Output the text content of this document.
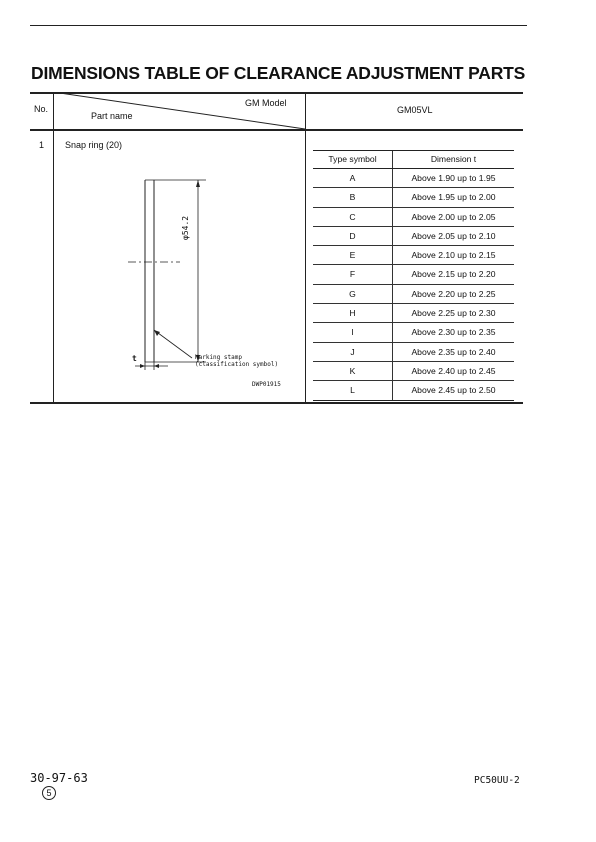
DIMENSIONS TABLE OF CLEARANCE ADJUSTMENT PARTS
No.
Part name
GM Model
GM05VL
1 Snap ring (20)
φ54.2
t	Marking stamp
(classification symbol)
DWP01915
Type symbol	Dimension t
A	Above 1.90 up to 1.95
B	Above 1.95 up to 2.00
C	Above 2.00 up to 2.05
D	Above 2.05 up to 2.10
E	Above 2.10 up to 2.15
F	Above 2.15 up to 2.20
G	Above 2.20 up to 2.25
H	Above 2.25 up to 2.30
I	Above 2.30 up to 2.35
J	Above 2.35 up to 2.40
K	Above 2.40 up to 2.45
L	Above 2.45 up to 2.50
30-97-63
5
PC50UU-2
